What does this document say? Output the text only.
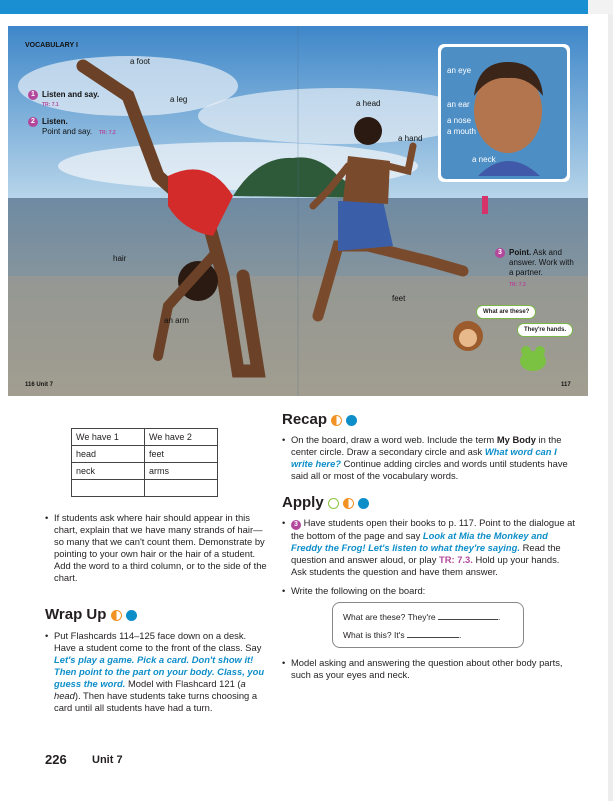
VOCABULARY I
1 Listen and say.
TR: 7.1
2 Listen.
Point and say. TR: 7.2
a foot
a leg	a head
a hand
hair
an arm
feet
an eye
an ear
a nose
a mouth
a neck
3 Point. Ask and answer. Work with a partner.
TR: 7.3
What are these?
They're hands.
116 Unit 7	117
We have 1	We have 2
head	feet
neck	arms

• If students ask where hair should appear in this chart, explain that we have many strands of hair—so many that we can't count them. Demonstrate by pointing to your own hair or the hair of a student. Add the word to a third column, or to the side of the chart.
Wrap Up
• Put Flashcards 114–125 face down on a desk. Have a student come to the front of the class. Say Let's play a game. Pick a card. Don't show it! Then point to the part on your body. Class, you guess the word. Model with Flashcard 121 (a head). Then have students take turns choosing a card until all students have had a turn.
Recap
• On the board, draw a word web. Include the term My Body in the center circle. Draw a secondary circle and ask What word can I write here? Continue adding circles and words until students have said all or most of the vocabulary words.
Apply
• 3 Have students open their books to p. 117. Point to the dialogue at the bottom of the page and say Look at Mia the Monkey and Freddy the Frog! Let's listen to what they're saying. Read the question and answer aloud, or play TR: 7.3. Hold up your hands. Ask students the question and have them answer.
• Write the following on the board:
What are these? They're	.
What is this? It's	.
• Model asking and answering the question about other body parts, such as your eyes and neck.
226 Unit 7
